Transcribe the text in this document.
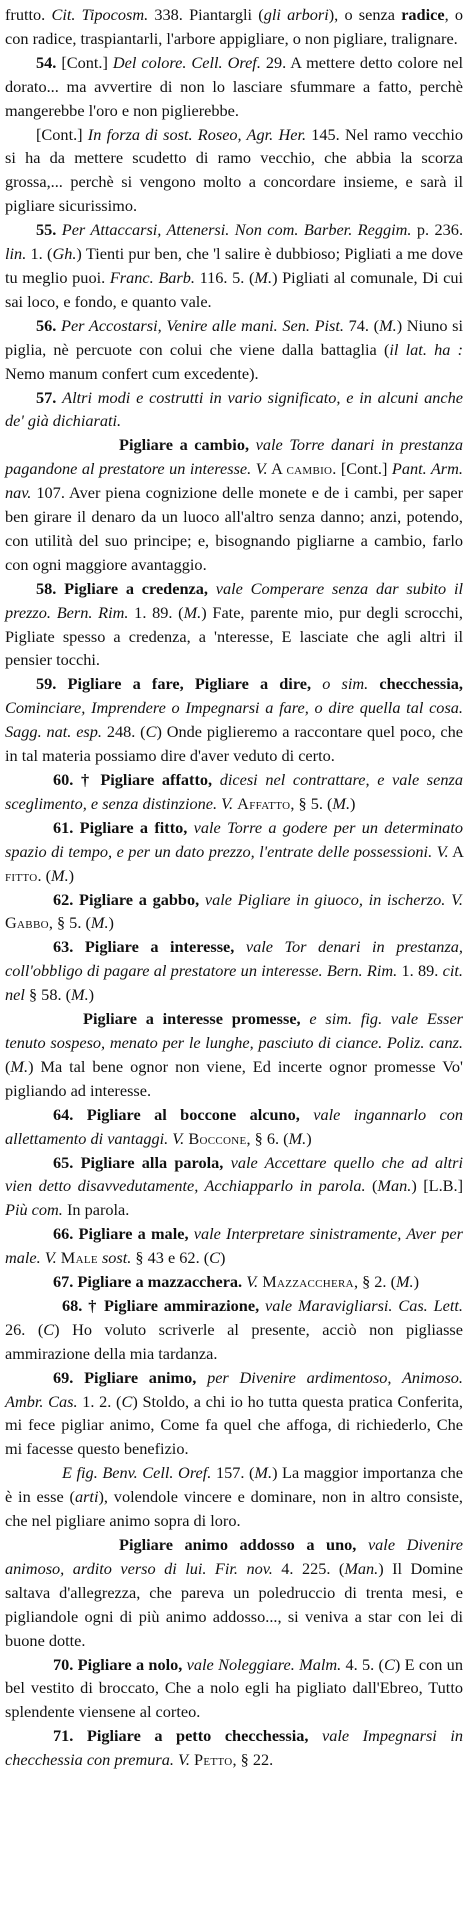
frutto. Cit. Tipocosm. 338. Piantargli (gli arbori), o senza radice, o con radice, traspiantarli, l'arbore appigliare, o non pigliare, tralignare.

54. [Cont.] Del colore. Cell. Oref. 29. A mettere detto colore nel dorato... ma avvertire di non lo lasciare sfummare a fatto, perchè mangerebbe l'oro e non piglierebbe.

[Cont.] In forza di sost. Roseo, Agr. Her. 145. Nel ramo vecchio si ha da mettere scudetto di ramo vecchio, che abbia la scorza grossa,... perchè si vengono molto a concordare insieme, e sarà il pigliare sicurissimo.

55. Per Attaccarsi, Attenersi. Non com. Barber. Reggim. p. 236. lin. 1. (Gh.) Tienti pur ben, che 'l salire è dubbioso; Pigliati a me dove tu meglio puoi. Franc. Barb. 116. 5. (M.) Pigliati al comunale, Di cui sai loco, e fondo, e quanto vale.

56. Per Accostarsi, Venire alle mani. Sen. Pist. 74. (M.) Niuno si piglia, nè percuote con colui che viene dalla battaglia (il lat. ha : Nemo manum confert cum excedente).

57. Altri modi e costrutti in vario significato, e in alcuni anche de' già dichiarati.

Pigliare a cambio, vale Torre danari in prestanza pagandone al prestatore un interesse. V. A cambio. [Cont.] Pant. Arm. nav. 107. Aver piena cognizione delle monete e de i cambi, per saper ben girare il denaro da un luoco all'altro senza danno; anzi, potendo, con utilità del suo principe; e, bisognando pigliarne a cambio, farlo con ogni maggiore avantaggio.

58. Pigliare a credenza, vale Comperare senza dar subito il prezzo. Bern. Rim. 1. 89. (M.) Fate, parente mio, pur degli scrocchi, Pigliate spesso a credenza, a 'nteresse, E lasciate che agli altri il pensier tocchi.

59. Pigliare a fare, Pigliare a dire, o sim. checchessia, Cominciare, Imprendere o Impegnarsi a fare, o dire quella tal cosa. Sagg. nat. esp. 248. (C) Onde piglieremo a raccontare quel poco, che in tal materia possiamo dire d'aver veduto di certo.

60. † Pigliare affatto, dicesi nel contrattare, e vale senza sceglimento, e senza distinzione. V. Affatto, § 5. (M.)

61. Pigliare a fitto, vale Torre a godere per un determinato spazio di tempo, e per un dato prezzo, l'entrate delle possessioni. V. A fitto. (M.)

62. Pigliare a gabbo, vale Pigliare in giuoco, in ischerzo. V. Gabbo, § 5. (M.)

63. Pigliare a interesse, vale Tor denari in prestanza, coll'obbligo di pagare al prestatore un interesse. Bern. Rim. 1. 89. cit. nel § 58. (M.)

Pigliare a interesse promesse, e sim. fig. vale Esser tenuto sospeso, menato per le lunghe, pasciuto di ciance. Poliz. canz. (M.) Ma tal bene ognor non viene, Ed incerte ognor promesse Vo' pigliando ad interesse.

64. Pigliare al boccone alcuno, vale ingannarlo con allettamento di vantaggi. V. Boccone, § 6. (M.)

65. Pigliare alla parola, vale Accettare quello che ad altri vien detto disavvedutamente, Acchiapparlo in parola. (Man.) [L.B.] Più com. In parola.

66. Pigliare a male, vale Interpretare sinistramente, Aver per male. V. Male sost. § 43 e 62. (C)

67. Pigliare a mazzacchera. V. Mazzacchera, § 2. (M.)

68. † Pigliare ammirazione, vale Maravigliarsi. Cas. Lett. 26. (C) Ho voluto scriverle al presente, acciò non pigliasse ammirazione della mia tardanza.

69. Pigliare animo, per Divenire ardimentoso, Animoso. Ambr. Cas. 1. 2. (C) Stoldo, a chi io ho tutta questa pratica Conferita, mi fece pigliar animo, Come fa quel che affoga, di richiederlo, Che mi facesse questo benefizio.

E fig. Benv. Cell. Oref. 157. (M.) La maggior importanza che è in esse (arti), volendole vincere e dominare, non in altro consiste, che nel pigliare animo sopra di loro.

Pigliare animo addosso a uno, vale Divenire animoso, ardito verso di lui. Fir. nov. 4. 225. (Man.) Il Domine saltava d'allegrezza, che pareva un poledruccio di trenta mesi, e pigliandole ogni di più animo addosso..., si veniva a star con lei di buone dotte.

70. Pigliare a nolo, vale Noleggiare. Malm. 4. 5. (C) E con un bel vestito di broccato, Che a nolo egli ha pigliato dall'Ebreo, Tutto splendente viensene al corteo.

71. Pigliare a petto checchessia, vale Impegnarsi in checchessia con premura. V. Petto, § 22.
